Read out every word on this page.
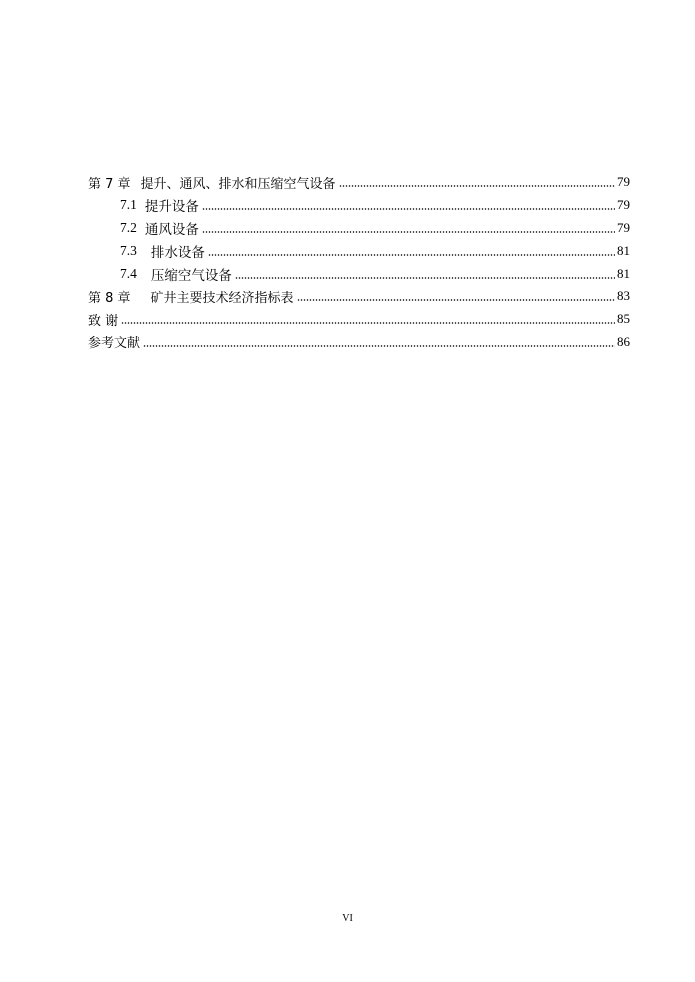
第 7 章 提升、通风、排水和压缩空气设备	79
7.1 提升设备	79
7.2 通风设备	79
7.3 排水设备	81
7.4 压缩空气设备	81
第 8 章 矿井主要技术经济指标表	83
致 谢	85
参考文献	86
VI
